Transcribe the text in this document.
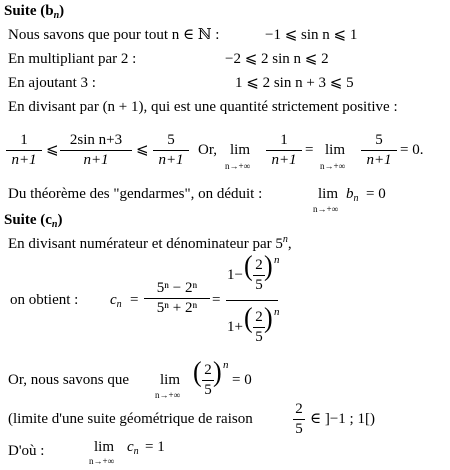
Suite $(b_n)$
Nous savons que pour tout n ∈ ℕ :	−1 ⩽ sin n ⩽ 1
En multipliant par 2 :	−2 ⩽ 2 sin n ⩽ 2
En ajoutant 3 :	1 ⩽ 2 sin n + 3 ⩽ 5
En divisant par (n + 1), qui est une quantité strictement positive :
$\frac{1}{n+1}$ ⩽ $\frac{\text{2sin n+3}}{n+1}$ ⩽ $\frac{5}{n+1} Or$, lim
$n\to+\infty \frac{1}{n+1} = \lim$
$n\to+\infty \frac{5}{n+1} = 0$.
Du théorème des "gendarmes", on déduit :	lim
n→+∞
$b_n = 0$
Suite $(c_n)$
En divisant numérateur et dénominateur par 5$^n$,
on obtient : $c_n = \frac{\text{5ⁿ − 2ⁿ}}{\text{5ⁿ + 2ⁿ}}$ =
1− ( $\frac{2}{5}$ ) n
1+ ( $\frac{2}{5}$ ) n
Or, nous savons que lim
n→+∞
( $\frac{2}{5}$ ) n
= 0
(limite d'une suite géométrique de raison	$\frac{2}{5}$ ∈ ]−1 ; 1[)
D'où :	lim
n→+∞
$c_n = 1$
